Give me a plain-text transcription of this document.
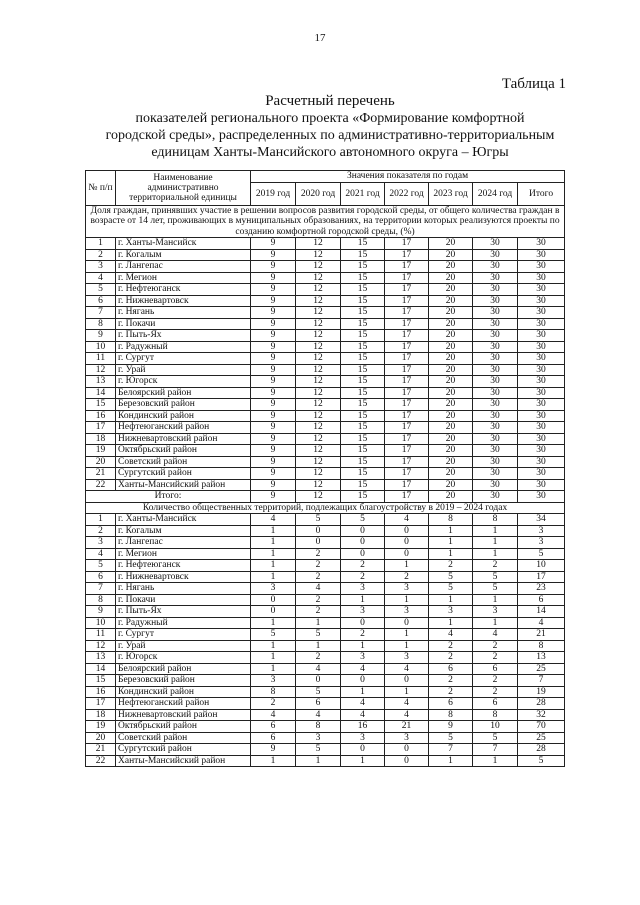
17
Таблица 1
Расчетный перечень
показателей регионального проекта «Формирование комфортной
городской среды», распределенных по административно-территориальным
единицам Ханты-Мансийского автономного округа – Югры
№ п/п	Наименование административно территориальной единицы	Значения показателя по годам						
		2019 год	2020 год	2021 год	2022 год	2023 год	2024 год	Итого
Доля граждан, принявших участие в решении вопросов развития городской среды, от общего количества граждан в возрасте от 14 лет, проживающих в муниципальных образованиях, на территории которых реализуются проекты по созданию комфортной городской среды, (%)								
1	г. Ханты-Мансийск	9	12	15	17	20	30	30
2	г. Когалым	9	12	15	17	20	30	30
3	г. Лангепас	9	12	15	17	20	30	30
4	г. Мегион	9	12	15	17	20	30	30
5	г. Нефтеюганск	9	12	15	17	20	30	30
6	г. Нижневартовск	9	12	15	17	20	30	30
7	г. Нягань	9	12	15	17	20	30	30
8	г. Покачи	9	12	15	17	20	30	30
9	г. Пыть-Ях	9	12	15	17	20	30	30
10	г. Радужный	9	12	15	17	20	30	30
11	г. Сургут	9	12	15	17	20	30	30
12	г. Урай	9	12	15	17	20	30	30
13	г. Югорск	9	12	15	17	20	30	30
14	Белоярский район	9	12	15	17	20	30	30
15	Березовский район	9	12	15	17	20	30	30
16	Кондинский район	9	12	15	17	20	30	30
17	Нефтеюганский район	9	12	15	17	20	30	30
18	Нижневартовский район	9	12	15	17	20	30	30
19	Октябрьский район	9	12	15	17	20	30	30
20	Советский район	9	12	15	17	20	30	30
21	Сургутский район	9	12	15	17	20	30	30
22	Ханты-Мансийский район	9	12	15	17	20	30	30
Итого:		9	12	15	17	20	30	30
Количество общественных территорий, подлежащих благоустройству в 2019 – 2024 годах								
1	г. Ханты-Мансийск	4	5	5	4	8	8	34
2	г. Когалым	1	0	0	0	1	1	3
3	г. Лангепас	1	0	0	0	1	1	3
4	г. Мегион	1	2	0	0	1	1	5
5	г. Нефтеюганск	1	2	2	1	2	2	10
6	г. Нижневартовск	1	2	2	2	5	5	17
7	г. Нягань	3	4	3	3	5	5	23
8	г. Покачи	0	2	1	1	1	1	6
9	г. Пыть-Ях	0	2	3	3	3	3	14
10	г. Радужный	1	1	0	0	1	1	4
11	г. Сургут	5	5	2	1	4	4	21
12	г. Урай	1	1	1	1	2	2	8
13	г. Югорск	1	2	3	3	2	2	13
14	Белоярский район	1	4	4	4	6	6	25
15	Березовский район	3	0	0	0	2	2	7
16	Кондинский район	8	5	1	1	2	2	19
17	Нефтеюганский район	2	6	4	4	6	6	28
18	Нижневартовский район	4	4	4	4	8	8	32
19	Октябрьский район	6	8	16	21	9	10	70
20	Советский район	6	3	3	3	5	5	25
21	Сургутский район	9	5	0	0	7	7	28
22	Ханты-Мансийский район	1	1	1	0	1	1	5
